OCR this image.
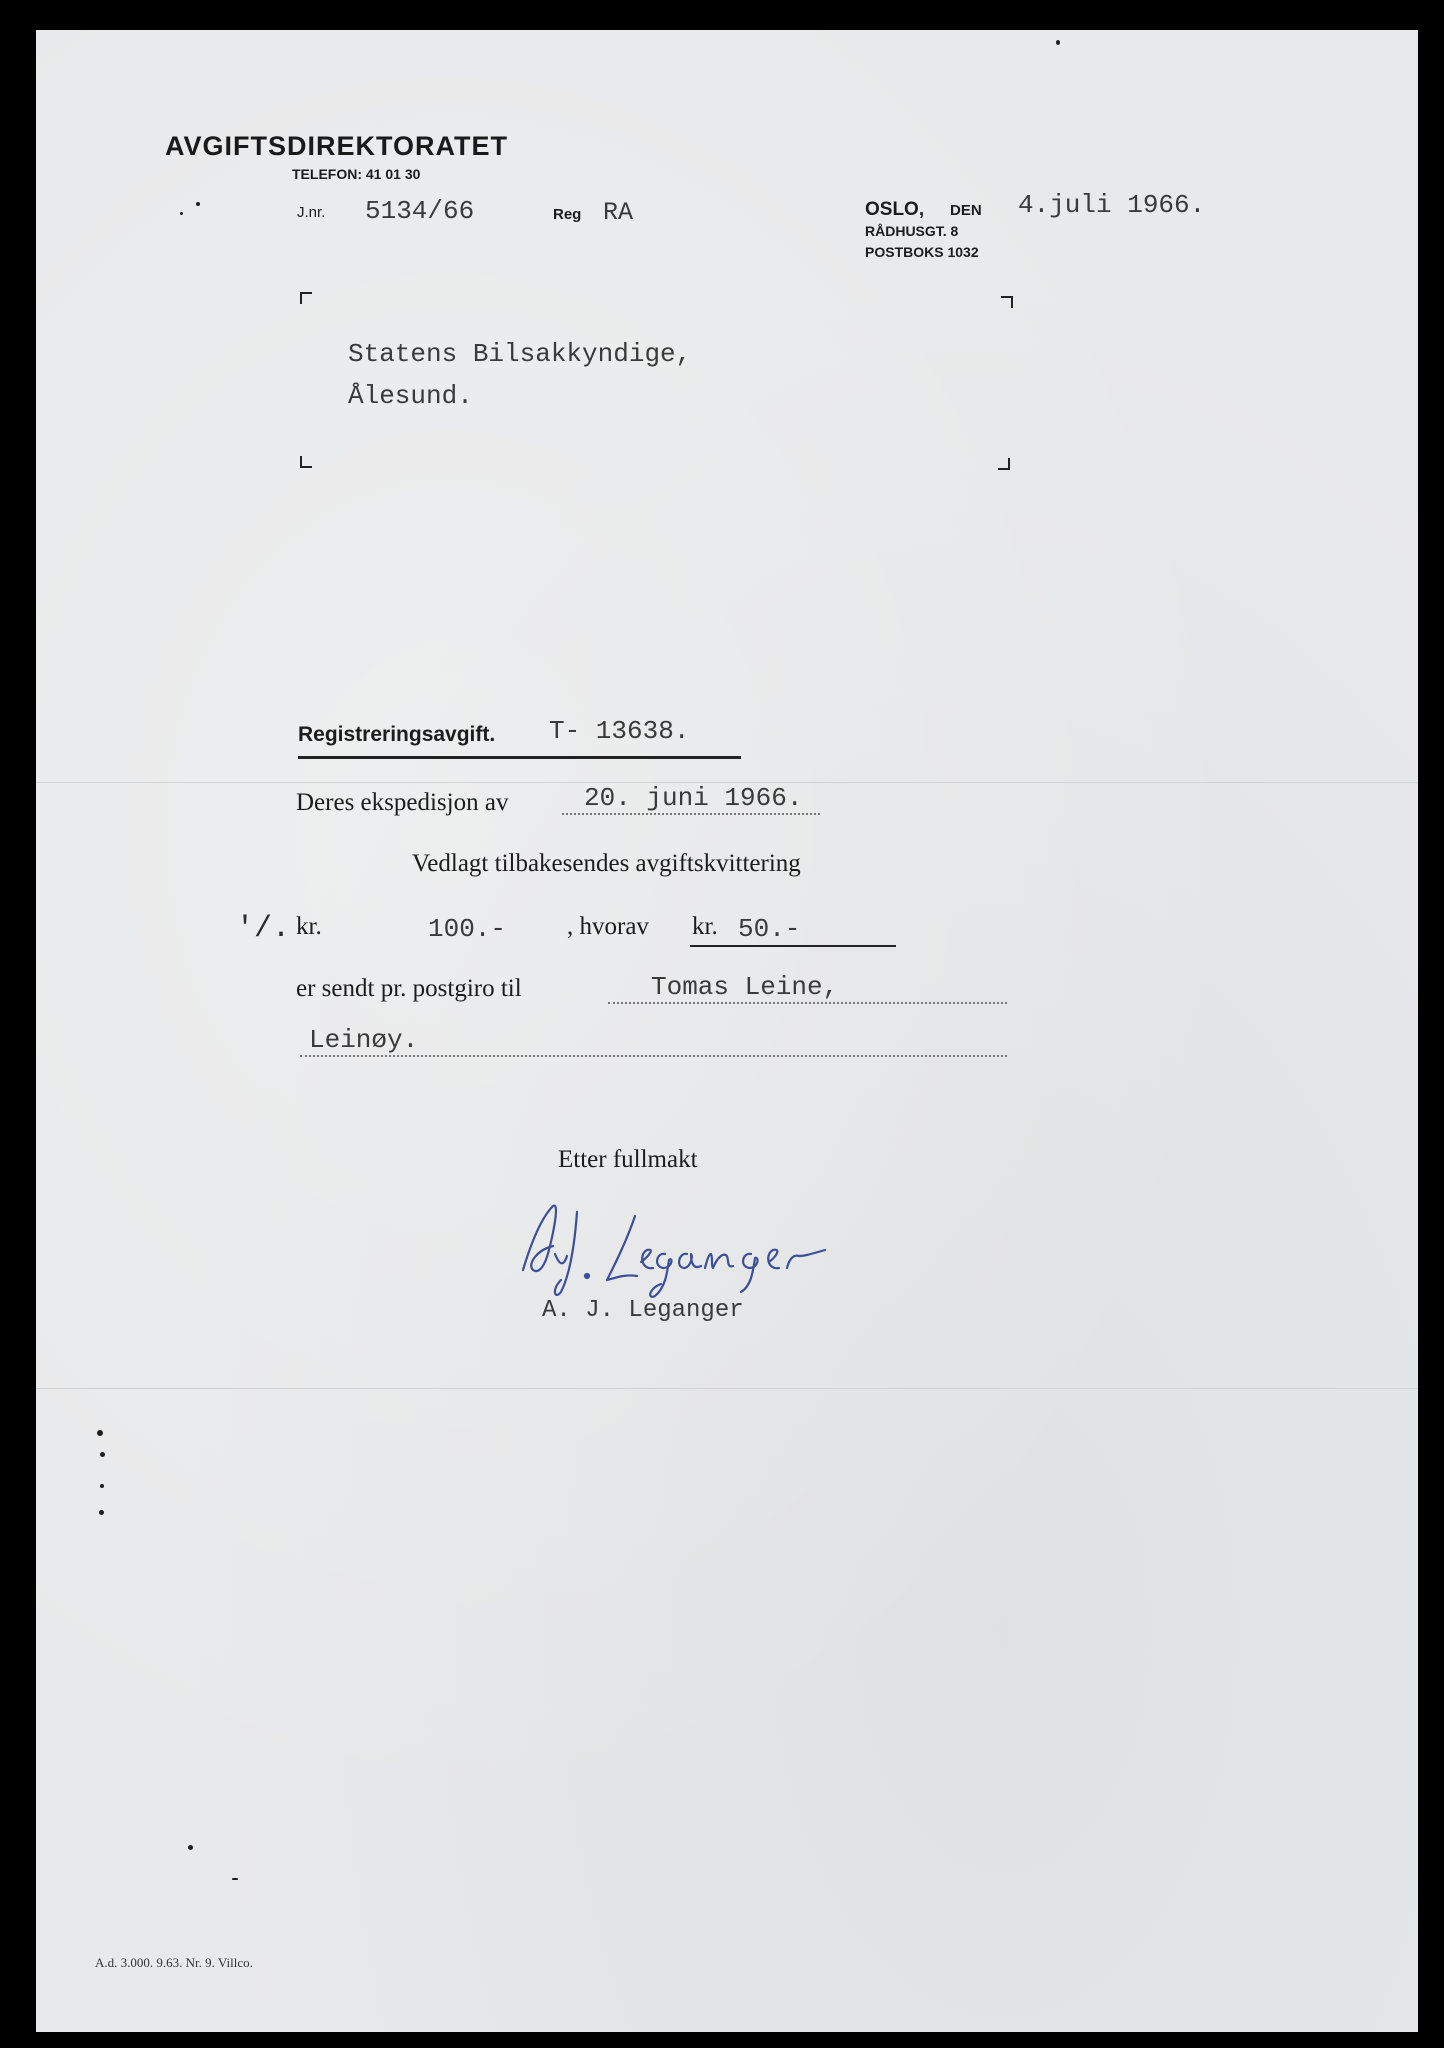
AVGIFTSDIREKTORATET
TELEFON: 41 01 30
J.nr. 5134/66	Reg RA	OSLO, DEN 4.juli 1966.
RÅDHUSGT. 8
POSTBOKS 1032
Statens Bilsakkyndige,
Ålesund.
Registreringsavgift. T- 13638.
Deres ekspedisjon av	20. juni 1966.
Vedlagt tilbakesendes avgiftskvittering
'/. kr.	100.- , hvorav kr. 50.-
er sendt pr. postgiro til	Tomas Leine,
Leinøy.
Etter fullmakt
A. J. Leganger
A.d. 3.000. 9.63. Nr. 9. Villco.
